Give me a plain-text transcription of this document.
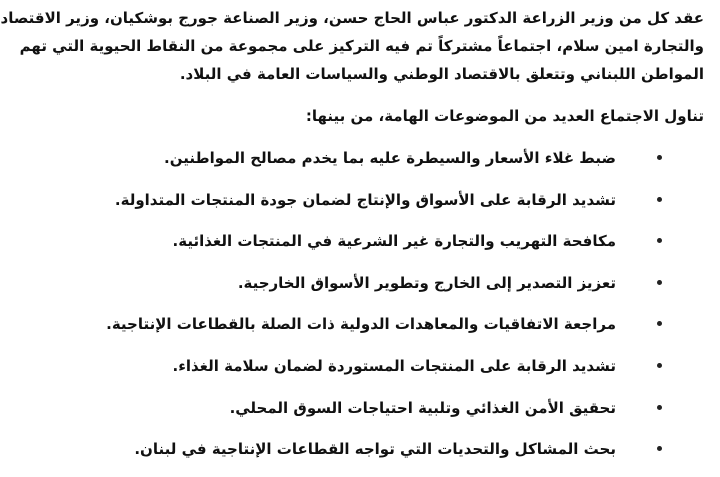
عقد كل من وزير الزراعة الدكتور عباس الحاج حسن، وزير الصناعة جورج بوشكيان، وزير الاقتصاد
والتجارة امين سلام، اجتماعاً مشتركاً تم فيه التركيز على مجموعة من النقاط الحيوية التي تهم
المواطن اللبناني وتتعلق بالاقتصاد الوطني والسياسات العامة في البلاد.

تناول الاجتماع العديد من الموضوعات الهامة، من بينها:

ضبط غلاء الأسعار والسيطرة عليه بما يخدم مصالح المواطنين.
تشديد الرقابة على الأسواق والإنتاج لضمان جودة المنتجات المتداولة.
مكافحة التهريب والتجارة غير الشرعية في المنتجات الغذائية.
تعزيز التصدير إلى الخارج وتطوير الأسواق الخارجية.
مراجعة الاتفاقيات والمعاهدات الدولية ذات الصلة بالقطاعات الإنتاجية.
تشديد الرقابة على المنتجات المستوردة لضمان سلامة الغذاء.
تحقيق الأمن الغذائي وتلبية احتياجات السوق المحلي.
بحث المشاكل والتحديات التي تواجه القطاعات الإنتاجية في لبنان.
